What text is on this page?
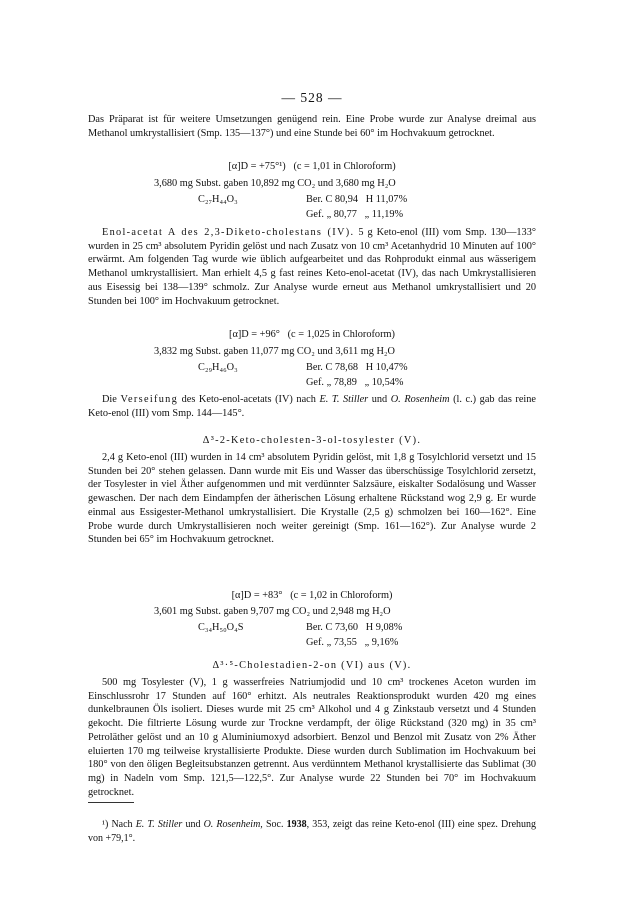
— 528 —

Das Präparat ist für weitere Umsetzungen genügend rein. Eine Probe wurde zur Analyse dreimal aus Methanol umkrystallisiert (Smp. 135—137°) und eine Stunde bei 60° im Hochvakuum getrocknet.

[α]D = +75°¹)   (c = 1,01 in Chloroform)
3,680 mg Subst. gaben 10,892 mg CO₂ und 3,680 mg H₂O
C₂₇H₄₄O₃	Ber. C 80,94   H 11,07%
Gef. „ 80,77   „ 11,19%

Enol-acetat A des 2,3-Diketo-cholestans (IV). 5 g Keto-enol (III) vom Smp. 130—133° wurden in 25 cm³ absolutem Pyridin gelöst und nach Zusatz von 10 cm³ Acetanhydrid 10 Minuten auf 100° erwärmt. Am folgenden Tag wurde wie üblich aufgearbeitet und das Rohprodukt einmal aus wässerigem Methanol umkrystallisiert. Man erhielt 4,5 g fast reines Keto-enol-acetat (IV), das nach Umkrystallisieren aus Eisessig bei 138—139° schmolz. Zur Analyse wurde erneut aus Methanol umkrystallisiert und 20 Stunden bei 100° im Hochvakuum getrocknet.

[α]D = +96°   (c = 1,025 in Chloroform)
3,832 mg Subst. gaben 11,077 mg CO₂ und 3,611 mg H₂O
C₂₉H₄₆O₃	Ber. C 78,68   H 10,47%
Gef. „ 78,89   „ 10,54%

Die Verseifung des Keto-enol-acetats (IV) nach E. T. Stiller und O. Rosenheim (l. c.) gab das reine Keto-enol (III) vom Smp. 144—145°.

Δ³-2-Keto-cholesten-3-ol-tosylester (V).

2,4 g Keto-enol (III) wurden in 14 cm³ absolutem Pyridin gelöst, mit 1,8 g Tosylchlorid versetzt und 15 Stunden bei 20° stehen gelassen. Dann wurde mit Eis und Wasser das überschüssige Tosylchlorid zersetzt, der Tosylester in viel Äther aufgenommen und mit verdünnter Salzsäure, eiskalter Sodalösung und Wasser gewaschen. Der nach dem Eindampfen der ätherischen Lösung erhaltene Rückstand wog 2,9 g. Er wurde einmal aus Essigester-Methanol umkrystallisiert. Die Krystalle (2,5 g) schmolzen bei 160—162°. Eine Probe wurde durch Umkrystallisieren noch weiter gereinigt (Smp. 161—162°). Zur Analyse wurde 2 Stunden bei 65° im Hochvakuum getrocknet.

[α]D = +83°   (c = 1,02 in Chloroform)
3,601 mg Subst. gaben 9,707 mg CO₂ und 2,948 mg H₂O
C₃₄H₅₀O₄S	Ber. C 73,60   H 9,08%
Gef. „ 73,55   „ 9,16%
Δ³·⁵-Cholestadien-2-on (VI) aus (V).

500 mg Tosylester (V), 1 g wasserfreies Natriumjodid und 10 cm³ trockenes Aceton wurden im Einschlussrohr 17 Stunden auf 160° erhitzt. Als neutrales Reaktionsprodukt wurden 420 mg eines dunkelbraunen Öls isoliert. Dieses wurde mit 25 cm³ Alkohol und 4 g Zinkstaub versetzt und 4 Stunden gekocht. Die filtrierte Lösung wurde zur Trockne verdampft, der ölige Rückstand (320 mg) in 35 cm³ Petroläther gelöst und an 10 g Aluminiumoxyd adsorbiert. Benzol und Benzol mit Zusatz von 2% Äther eluierten 170 mg teilweise krystallisierte Produkte. Diese wurden durch Sublimation im Hochvakuum bei 180° von den öligen Begleitsubstanzen getrennt. Aus verdünntem Methanol krystallisierte das Sublimat (30 mg) in Nadeln vom Smp. 121,5—122,5°. Zur Analyse wurde 22 Stunden bei 70° im Hochvakuum getrocknet.

¹) Nach E. T. Stiller und O. Rosenheim, Soc. 1938, 353, zeigt das reine Keto-enol (III) eine spez. Drehung von +79,1°.
